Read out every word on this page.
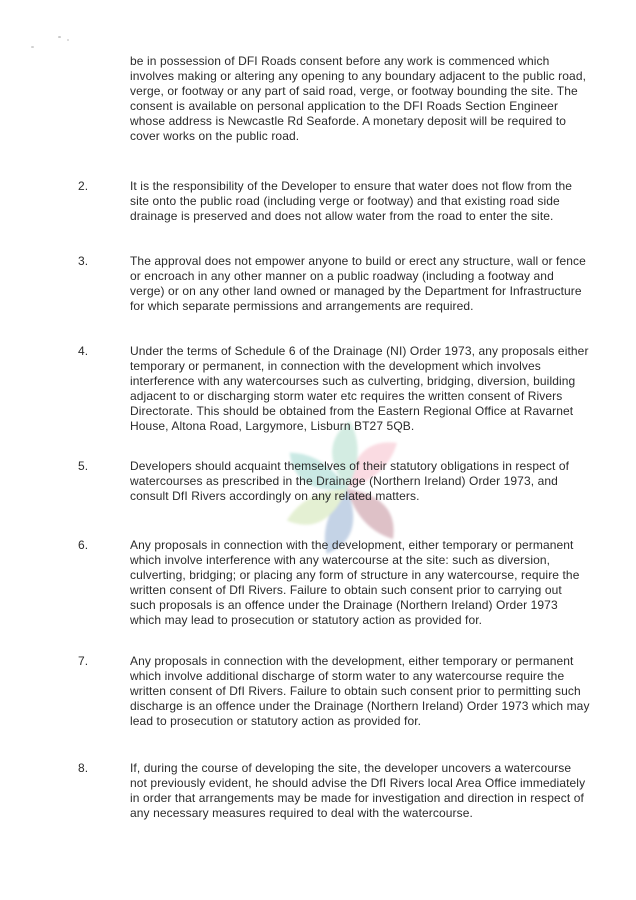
be in possession of DFI Roads consent before any work is commenced which involves making or altering any opening to any boundary adjacent to the public road, verge, or footway or any part of said road, verge, or footway bounding the site. The consent is available on personal application to the DFI Roads Section Engineer whose address is Newcastle Rd Seaforde. A monetary deposit will be required to cover works on the public road.
2.	It is the responsibility of the Developer to ensure that water does not flow from the site onto the public road (including verge or footway) and that existing road side drainage is preserved and does not allow water from the road to enter the site.
3.	The approval does not empower anyone to build or erect any structure, wall or fence or encroach in any other manner on a public roadway (including a footway and verge) or on any other land owned or managed by the Department for Infrastructure for which separate permissions and arrangements are required.
4.	Under the terms of Schedule 6 of the Drainage (NI) Order 1973, any proposals either temporary or permanent, in connection with the development which involves interference with any watercourses such as culverting, bridging, diversion, building adjacent to or discharging storm water etc requires the written consent of Rivers Directorate. This should be obtained from the Eastern Regional Office at Ravarnet House, Altona Road, Largymore, Lisburn BT27 5QB.
5.	Developers should acquaint themselves of their statutory obligations in respect of watercourses as prescribed in the Drainage (Northern Ireland) Order 1973, and consult DfI Rivers accordingly on any related matters.
6.	Any proposals in connection with the development, either temporary or permanent which involve interference with any watercourse at the site: such as diversion, culverting, bridging; or placing any form of structure in any watercourse, require the written consent of DfI Rivers. Failure to obtain such consent prior to carrying out such proposals is an offence under the Drainage (Northern Ireland) Order 1973 which may lead to prosecution or statutory action as provided for.
7.	Any proposals in connection with the development, either temporary or permanent which involve additional discharge of storm water to any watercourse require the written consent of DfI Rivers. Failure to obtain such consent prior to permitting such discharge is an offence under the Drainage (Northern Ireland) Order 1973 which may lead to prosecution or statutory action as provided for.
8.	If, during the course of developing the site, the developer uncovers a watercourse not previously evident, he should advise the DfI Rivers local Area Office immediately in order that arrangements may be made for investigation and direction in respect of any necessary measures required to deal with the watercourse.
